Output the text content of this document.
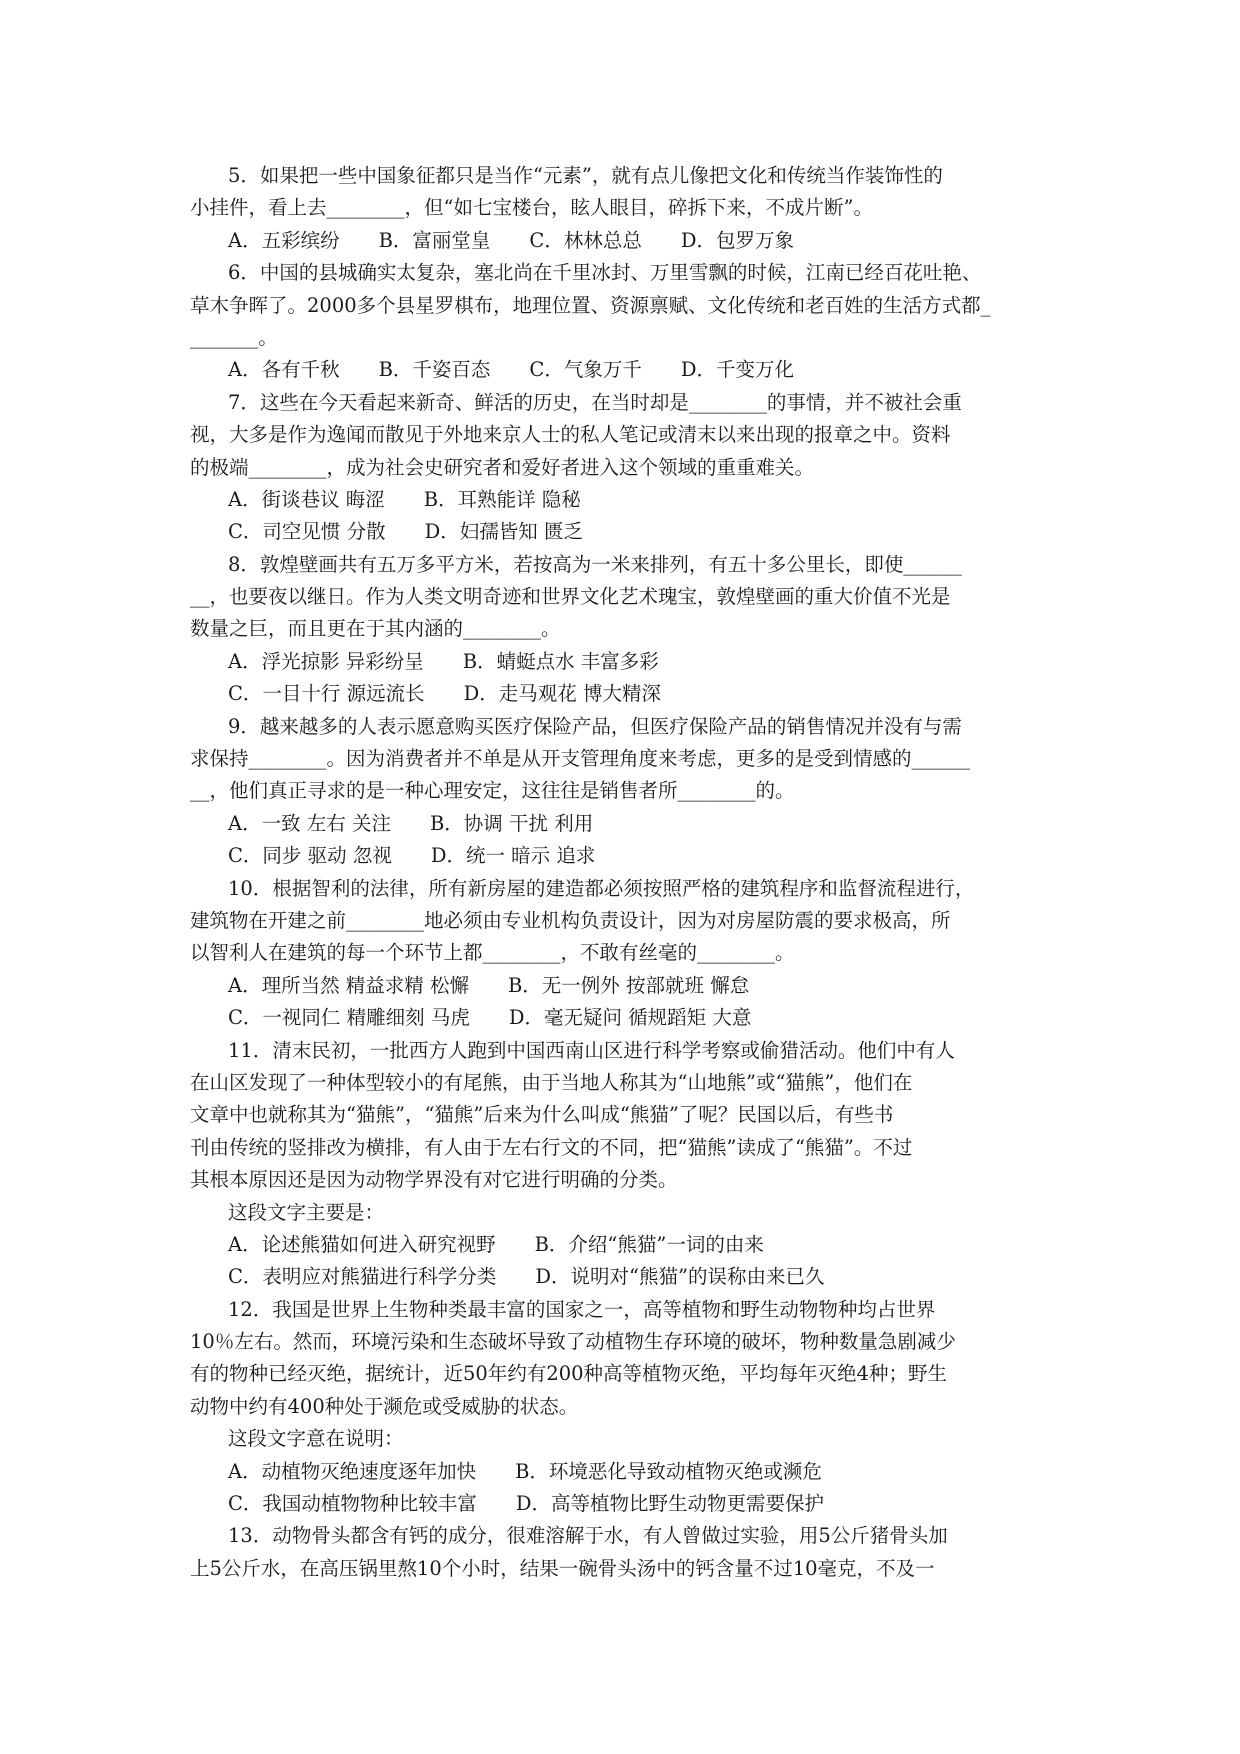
5．如果把一些中国象征都只是当作“元素”，就有点儿像把文化和传统当作装饰性的
小挂件，看上去________，但“如七宝楼台，眩人眼目，碎拆下来，不成片断”。
A．五彩缤纷　　B．富丽堂皇　　C．林林总总　　D．包罗万象
6．中国的县城确实太复杂，塞北尚在千里冰封、万里雪飘的时候，江南已经百花吐艳、
草木争晖了。2000多个县星罗棋布，地理位置、资源禀赋、文化传统和老百姓的生活方式都_
_______。
A．各有千秋　　B．千姿百态　　C．气象万千　　D．千变万化
7．这些在今天看起来新奇、鲜活的历史，在当时却是________的事情，并不被社会重
视，大多是作为逸闻而散见于外地来京人士的私人笔记或清末以来出现的报章之中。资料
的极端________，成为社会史研究者和爱好者进入这个领域的重重难关。
A．街谈巷议 晦涩　　B．耳熟能详 隐秘
C．司空见惯 分散　　D．妇孺皆知 匮乏
8．敦煌壁画共有五万多平方米，若按高为一米来排列，有五十多公里长，即使______
__，也要夜以继日。作为人类文明奇迹和世界文化艺术瑰宝，敦煌壁画的重大价值不光是
数量之巨，而且更在于其内涵的________。
A．浮光掠影 异彩纷呈　　B．蜻蜓点水 丰富多彩
C．一目十行 源远流长　　D．走马观花 博大精深
9．越来越多的人表示愿意购买医疗保险产品，但医疗保险产品的销售情况并没有与需
求保持________。因为消费者并不单是从开支管理角度来考虑，更多的是受到情感的______
__，他们真正寻求的是一种心理安定，这往往是销售者所________的。
A．一致 左右 关注　　B．协调 干扰 利用
C．同步 驱动 忽视　　D．统一 暗示 追求
10．根据智利的法律，所有新房屋的建造都必须按照严格的建筑程序和监督流程进行，
建筑物在开建之前________地必须由专业机构负责设计，因为对房屋防震的要求极高，所
以智利人在建筑的每一个环节上都________，不敢有丝毫的________。
A．理所当然 精益求精 松懈　　B．无一例外 按部就班 懈怠
C．一视同仁 精雕细刻 马虎　　D．毫无疑问 循规蹈矩 大意
11．清末民初，一批西方人跑到中国西南山区进行科学考察或偷猎活动。他们中有人
在山区发现了一种体型较小的有尾熊，由于当地人称其为“山地熊”或“猫熊”，他们在
文章中也就称其为“猫熊”，“猫熊”后来为什么叫成“熊猫”了呢？民国以后，有些书
刊由传统的竖排改为横排，有人由于左右行文的不同，把“猫熊”读成了“熊猫”。不过
其根本原因还是因为动物学界没有对它进行明确的分类。
这段文字主要是：
A．论述熊猫如何进入研究视野　　B．介绍“熊猫”一词的由来
C．表明应对熊猫进行科学分类　　D．说明对“熊猫”的误称由来已久
12．我国是世界上生物种类最丰富的国家之一，高等植物和野生动物物种均占世界
10％左右。然而，环境污染和生态破坏导致了动植物生存环境的破坏，物种数量急剧减少
有的物种已经灭绝，据统计，近50年约有200种高等植物灭绝，平均每年灭绝4种；野生
动物中约有400种处于濒危或受威胁的状态。
这段文字意在说明：
A．动植物灭绝速度逐年加快　　B．环境恶化导致动植物灭绝或濒危
C．我国动植物物种比较丰富　　D．高等植物比野生动物更需要保护
13．动物骨头都含有钙的成分，很难溶解于水，有人曾做过实验，用5公斤猪骨头加
上5公斤水，在高压锅里熬10个小时，结果一碗骨头汤中的钙含量不过10毫克，不及一
